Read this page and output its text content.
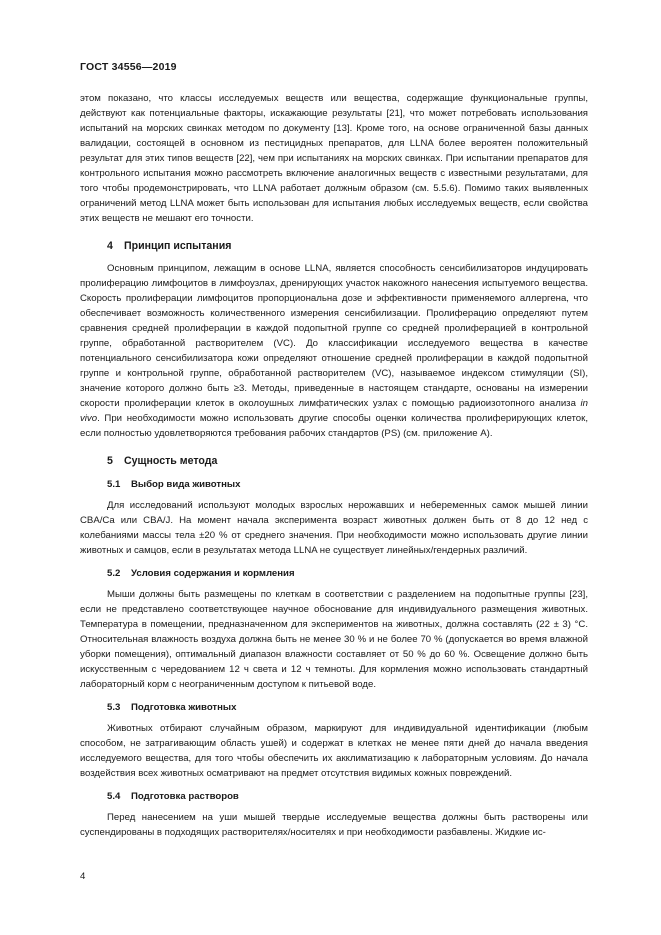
ГОСТ 34556—2019

этом показано, что классы исследуемых веществ или вещества, содержащие функциональные группы, действуют как потенциальные факторы, искажающие результаты [21], что может потребовать использования испытаний на морских свинках методом по документу [13]. Кроме того, на основе ограниченной базы данных валидации, состоящей в основном из пестицидных препаратов, для LLNA более вероятен положительный результат для этих типов веществ [22], чем при испытаниях на морских свинках. При испытании препаратов для контрольного испытания можно рассмотреть включение аналогичных веществ с известными результатами, для того чтобы продемонстрировать, что LLNA работает должным образом (см. 5.5.6). Помимо таких выявленных ограничений метод LLNA может быть использован для испытания любых исследуемых веществ, если свойства этих веществ не мешают его точности.

4 Принцип испытания

Основным принципом, лежащим в основе LLNA, является способность сенсибилизаторов индуцировать пролиферацию лимфоцитов в лимфоузлах, дренирующих участок накожного нанесения испытуемого вещества. Скорость пролиферации лимфоцитов пропорциональна дозе и эффективности применяемого аллергена, что обеспечивает возможность количественного измерения сенсибилизации. Пролиферацию определяют путем сравнения средней пролиферации в каждой подопытной группе со средней пролиферацией в контрольной группе, обработанной растворителем (VC). До классификации исследуемого вещества в качестве потенциального сенсибилизатора кожи определяют отношение средней пролиферации в каждой подопытной группе и контрольной группе, обработанной растворителем (VC), называемое индексом стимуляции (SI), значение которого должно быть ≥3. Методы, приведенные в настоящем стандарте, основаны на измерении скорости пролиферации клеток в околоушных лимфатических узлах с помощью радиоизотопного анализа in vivo. При необходимости можно использовать другие способы оценки количества пролиферирующих клеток, если полностью удовлетворяются требования рабочих стандартов (PS) (см. приложение А).

5 Сущность метода
5.1 Выбор вида животных

Для исследований используют молодых взрослых нерожавших и небеременных самок мышей линии CBA/Ca или CBA/J. На момент начала эксперимента возраст животных должен быть от 8 до 12 нед с колебаниями массы тела ±20 % от среднего значения. При необходимости можно использовать другие линии животных и самцов, если в результатах метода LLNA не существует линейных/гендерных различий.

5.2 Условия содержания и кормления

Мыши должны быть размещены по клеткам в соответствии с разделением на подопытные группы [23], если не представлено соответствующее научное обоснование для индивидуального размещения животных. Температура в помещении, предназначенном для экспериментов на животных, должна составлять (22 ± 3) °С. Относительная влажность воздуха должна быть не менее 30 % и не более 70 % (допускается во время влажной уборки помещения), оптимальный диапазон влажности составляет от 50 % до 60 %. Освещение должно быть искусственным с чередованием 12 ч света и 12 ч темноты. Для кормления можно использовать стандартный лабораторный корм с неограниченным доступом к питьевой воде.

5.3 Подготовка животных

Животных отбирают случайным образом, маркируют для индивидуальной идентификации (любым способом, не затрагивающим область ушей) и содержат в клетках не менее пяти дней до начала введения исследуемого вещества, для того чтобы обеспечить их акклиматизацию к лабораторным условиям. До начала воздействия всех животных осматривают на предмет отсутствия видимых кожных повреждений.

5.4 Подготовка растворов

Перед нанесением на уши мышей твердые исследуемые вещества должны быть растворены или суспендированы в подходящих растворителях/носителях и при необходимости разбавлены. Жидкие ис-

4
